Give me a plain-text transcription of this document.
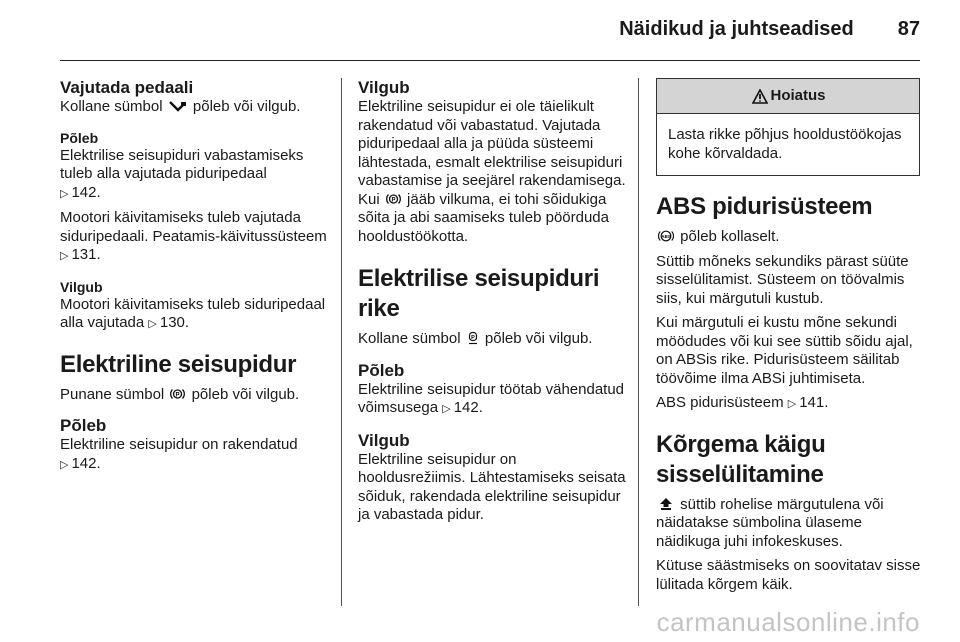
Näidikud ja juhtseadised 87
Vajutada pedaali

Kollane sümbol põleb või vilgub.

Põleb

Elektrilise seisupiduri vabastamiseks tuleb alla vajutada piduripedaal
▷ 142.

Mootori käivitamiseks tuleb vajutada siduripedaali. Peatamis-käivitussüsteem ▷ 131.

Vilgub

Mootori käivitamiseks tuleb siduripedaal alla vajutada ▷ 130.

Elektriline seisupidur

Punane sümbol P põleb või vilgub.

Põleb

Elektriline seisupidur on rakendatud
▷ 142.

Vilgub

Elektriline seisupidur ei ole täielikult rakendatud või vabastatud. Vajutada piduripedaal alla ja püüda süsteemi lähtestada, esmalt elektrilise seisupiduri vabastamise ja seejärel rakendamisega. Kui P jääb vilkuma, ei tohi sõidukiga sõita ja abi saamiseks tuleb pöörduda hooldustöökotta.

Elektrilise seisupiduri rike

Kollane sümbol P põleb või vilgub.

Põleb

Elektriline seisupidur töötab vähendatud võimsusega ▷ 142.

Vilgub

Elektriline seisupidur on hooldusrežiimis. Lähtestamiseks seisata sõiduk, rakendada elektriline seisupidur ja vabastada pidur.

Hoiatus
Lasta rikke põhjus hooldustöökojas kohe kõrvaldada.
ABS pidurisüsteem

ABS põleb kollaselt.

Süttib mõneks sekundiks pärast süüte sisselülitamist. Süsteem on töövalmis siis, kui märgutuli kustub.

Kui märgutuli ei kustu mõne sekundi möödudes või kui see süttib sõidu ajal, on ABSis rike. Pidurisüsteem säilitab töövõime ilma ABSi juhtimiseta.

ABS pidurisüsteem ▷ 141.

Kõrgema käigu
sisselülitamine

süttib rohelise märgutulena või näidatakse sümbolina ülaseme näidikuga juhi infokeskuses.

Kütuse säästmiseks on soovitatav sisse lülitada kõrgem käik.

carmanualsonline.info
